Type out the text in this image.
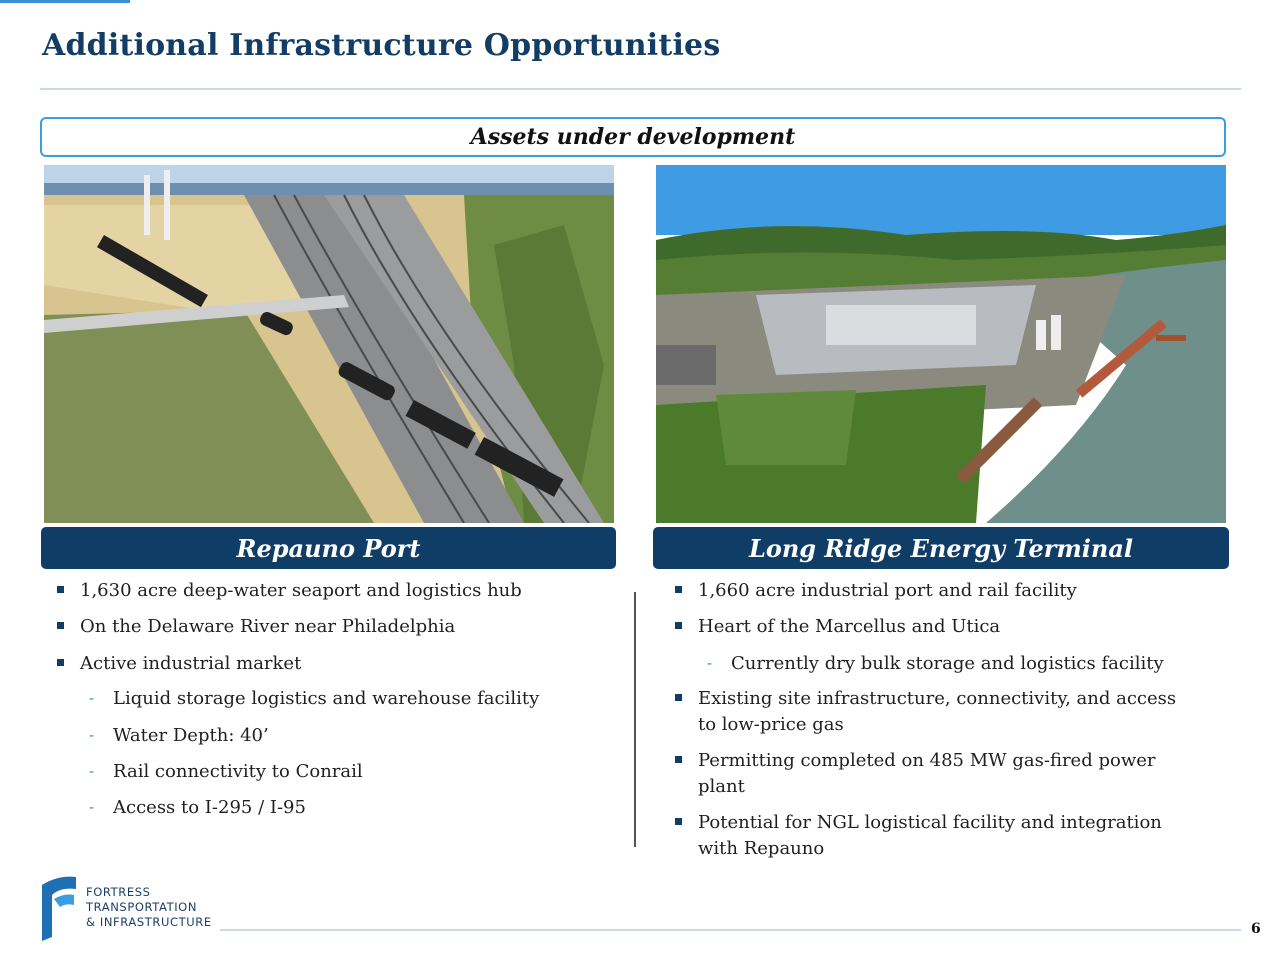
Additional Infrastructure Opportunities
Assets under development
Repauno Port	Long Ridge Energy Terminal
1,630 acre deep-water seaport and logistics hub
On the Delaware River near Philadelphia
Active industrial market
- Liquid storage logistics and warehouse facility
- Water Depth: 40’
- Rail connectivity to Conrail
- Access to I-295 / I-95
1,660 acre industrial port and rail facility
Heart of the Marcellus and Utica
- Currently dry bulk storage and logistics facility
Existing site infrastructure, connectivity, and access
to low-price gas
Permitting completed on 485 MW gas-fired power
plant
Potential for NGL logistical facility and integration
with Repauno
FORTRESS
TRANSPORTATION
& INFRASTRUCTURE	6
